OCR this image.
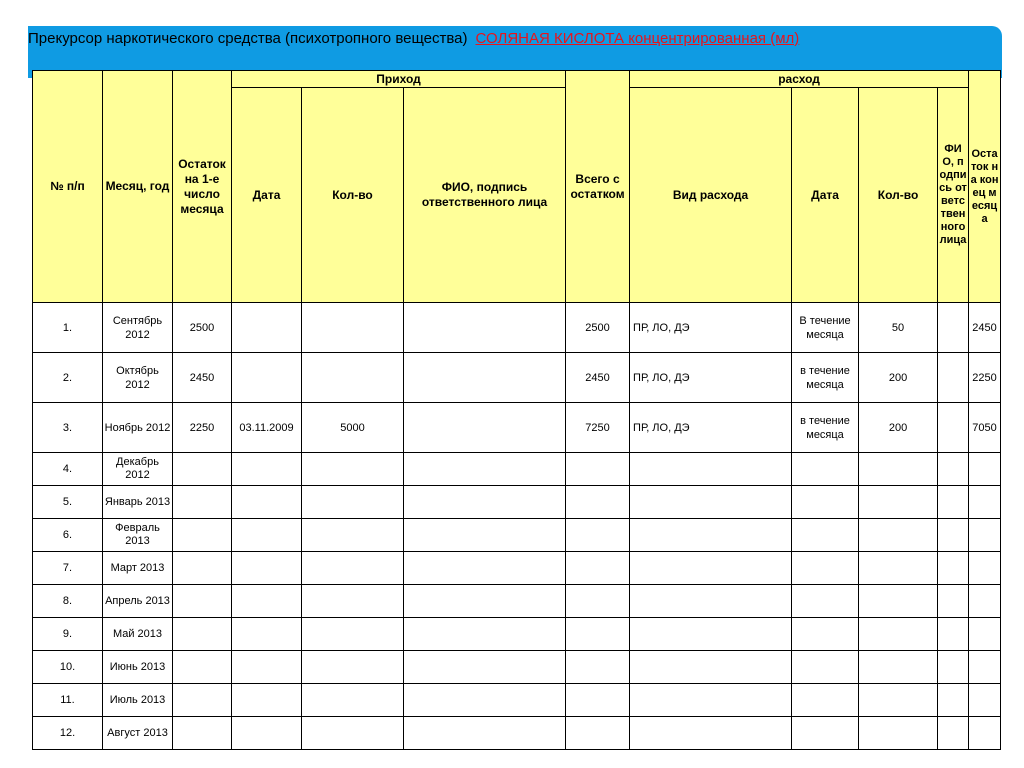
Прекурсор наркотического средства (психотропного вещества) СОЛЯНАЯ КИСЛОТА концентрированная (мл)
№ п/п	Месяц, год	Остаток на 1-е число месяца	Приход			Всего с остатком	расход				Остаток на конец месяца
			Дата	Кол-во	ФИО, подпись ответственного лица		Вид расхода	Дата	Кол-во	ФИО, подпись ответственного лица	
1.	Сентябрь 2012	2500				2500	ПР, ЛО, ДЭ	В течение месяца	50		2450
2.	Октябрь 2012	2450				2450	ПР, ЛО, ДЭ	в течение месяца	200		2250
3.	Ноябрь 2012	2250	03.11.2009	5000		7250	ПР, ЛО, ДЭ	в течение месяца	200		7050
4.	Декабрь 2012										
5.	Январь 2013										
6.	Февраль 2013										
7.	Март 2013										
8.	Апрель 2013										
9.	Май 2013										
10.	Июнь 2013										
11.	Июль 2013										
12.	Август 2013										
